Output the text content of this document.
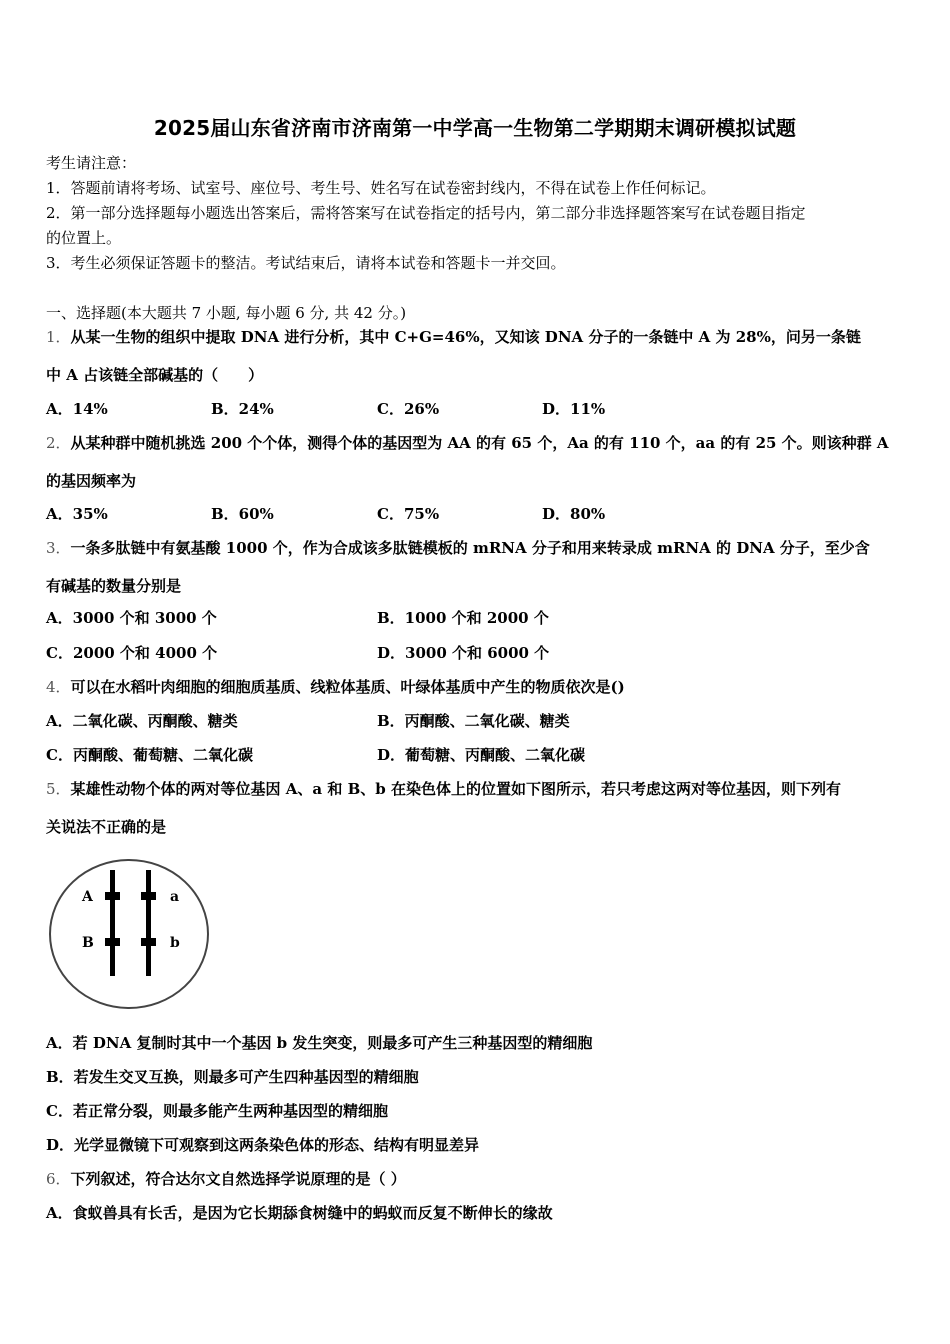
2025届山东省济南市济南第一中学高一生物第二学期期末调研模拟试题
考生请注意：
1．答题前请将考场、试室号、座位号、考生号、姓名写在试卷密封线内，不得在试卷上作任何标记。
2．第一部分选择题每小题选出答案后，需将答案写在试卷指定的括号内，第二部分非选择题答案写在试卷题目指定
的位置上。
3．考生必须保证答题卡的整洁。考试结束后，请将本试卷和答题卡一并交回。
一、选择题(本大题共 7 小题, 每小题 6 分, 共 42 分。)
1．从某一生物的组织中提取 DNA 进行分析，其中 C+G=46%，又知该 DNA 分子的一条链中 A 为 28%，问另一条链
中 A 占该链全部碱基的（　　）
A．14%	B．24%	C．26%	D．11%
2．从某种群中随机挑选 200 个个体，测得个体的基因型为 AA 的有 65 个，Aa 的有 110 个，aa 的有 25 个。则该种群 A
的基因频率为
A．35%	B．60%	C．75%	D．80%
3．一条多肽链中有氨基酸 1000 个，作为合成该多肽链模板的 mRNA 分子和用来转录成 mRNA 的 DNA 分子，至少含
有碱基的数量分别是
A．3000 个和 3000 个	B．1000 个和 2000 个
C．2000 个和 4000 个	D．3000 个和 6000 个
4．可以在水稻叶肉细胞的细胞质基质、线粒体基质、叶绿体基质中产生的物质依次是()
A．二氧化碳、丙酮酸、糖类	B．丙酮酸、二氧化碳、糖类
C．丙酮酸、葡萄糖、二氧化碳	D．葡萄糖、丙酮酸、二氧化碳
5．某雄性动物个体的两对等位基因 A、a 和 B、b 在染色体上的位置如下图所示，若只考虑这两对等位基因，则下列有
关说法不正确的是
A
B
a
b
A．若 DNA 复制时其中一个基因 b 发生突变，则最多可产生三种基因型的精细胞
B．若发生交叉互换，则最多可产生四种基因型的精细胞
C．若正常分裂，则最多能产生两种基因型的精细胞
D．光学显微镜下可观察到这两条染色体的形态、结构有明显差异
6．下列叙述，符合达尔文自然选择学说原理的是（ ）
A．食蚁兽具有长舌，是因为它长期舔食树缝中的蚂蚁而反复不断伸长的缘故
